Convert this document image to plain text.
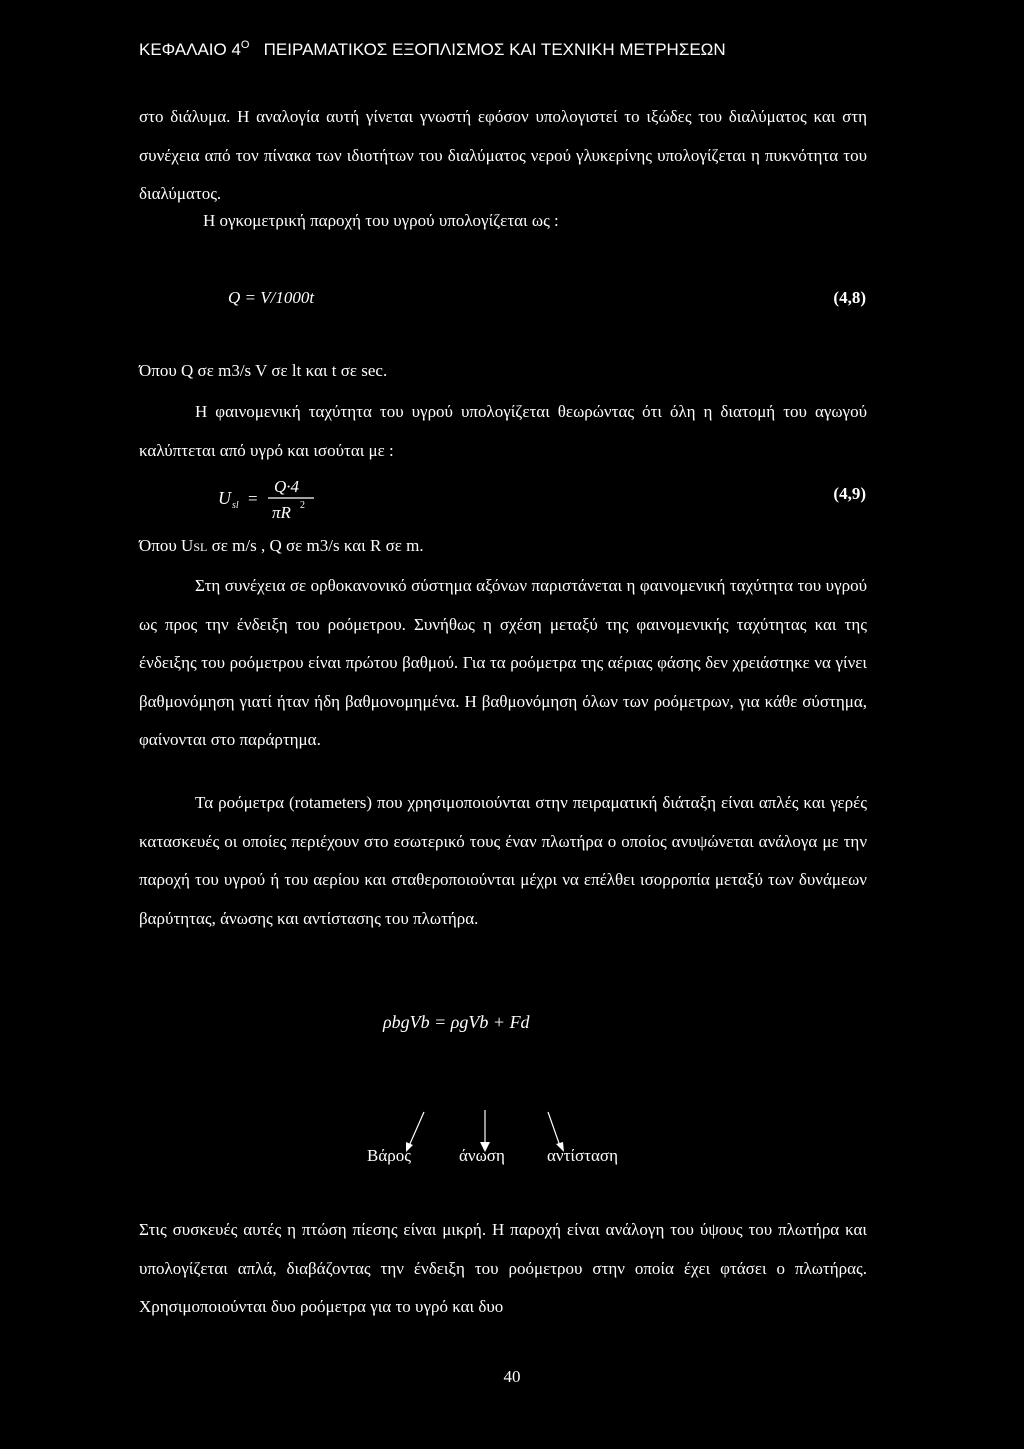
ΚΕΦΑΛΑΙΟ $4^O$ ΠΕΙΡΑΜΑΤΙΚΟΣ ΕΞΟΠΛΙΣΜΟΣ ΚΑΙ ΤΕΧΝΙΚΗ ΜΕΤΡΗΣΕΩΝ
στο διάλυμα. Η αναλογία αυτή γίνεται γνωστή εφόσον υπολογιστεί το ιξώδες του διαλύματος και στη συνέχεια από τον πίνακα των ιδιοτήτων του διαλύματος νερού γλυκερίνης υπολογίζεται η πυκνότητα του διαλύματος.
Η ογκομετρική παροχή του υγρού υπολογίζεται ως :
Q = V/1000t	(4,8)
Όπου Q σε m3/s V σε lt και t σε sec.
Η φαινομενική ταχύτητα του υγρού υπολογίζεται θεωρώντας ότι όλη η διατομή του αγωγού καλύπτεται από υγρό και ισούται με :
U sl =
Q·4
πR 2
(4,9)
Όπου USL σε m/s , Q σε m3/s και R σε m.
Στη συνέχεια σε ορθοκανονικό σύστημα αξόνων παριστάνεται η φαινομενική ταχύτητα του υγρού ως προς την ένδειξη του ροόμετρου. Συνήθως η σχέση μεταξύ της φαινομενικής ταχύτητας και της ένδειξης του ροόμετρου είναι πρώτου βαθμού. Για τα ροόμετρα της αέριας φάσης δεν χρειάστηκε να γίνει βαθμονόμηση γιατί ήταν ήδη βαθμονομημένα. Η βαθμονόμηση όλων των ροόμετρων, για κάθε σύστημα, φαίνονται στο παράρτημα.
Τα ροόμετρα (rotameters) που χρησιμοποιούνται στην πειραματική διάταξη είναι απλές και γερές κατασκευές οι οποίες περιέχουν στο εσωτερικό τους έναν πλωτήρα ο οποίος ανυψώνεται ανάλογα με την παροχή του υγρού ή του αερίου και σταθεροποιούνται μέχρι να επέλθει ισορροπία μεταξύ των δυνάμεων βαρύτητας, άνωσης και αντίστασης του πλωτήρα.
ρbgVb = ρgVb + Fd
Βάρος	άνωση αντίσταση
Στις συσκευές αυτές η πτώση πίεσης είναι μικρή. Η παροχή είναι ανάλογη του ύψους του πλωτήρα και υπολογίζεται απλά, διαβάζοντας την ένδειξη του ροόμετρου στην οποία έχει φτάσει ο πλωτήρας. Χρησιμοποιούνται δυο ροόμετρα για το υγρό και δυο
40
